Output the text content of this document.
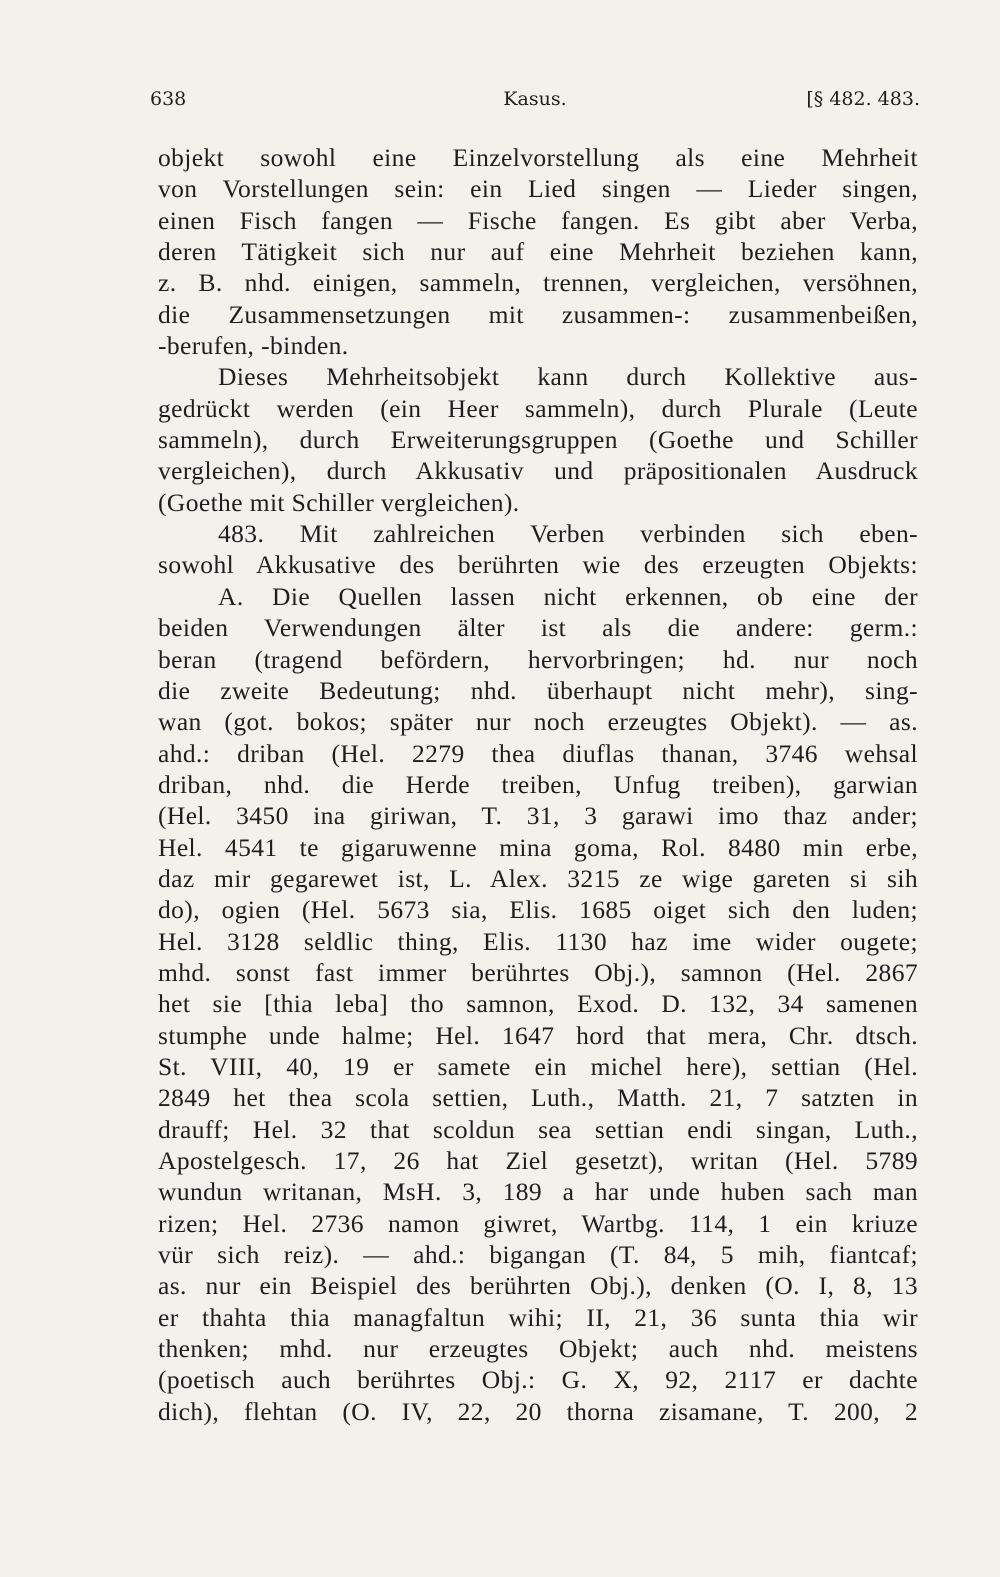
638	Kasus.	[§ 482. 483.
objekt sowohl eine Einzelvorstellung als eine Mehrheit
von Vorstellungen sein: ein Lied singen — Lieder singen,
einen Fisch fangen — Fische fangen. Es gibt aber Verba,
deren Tätigkeit sich nur auf eine Mehrheit beziehen kann,
z. B. nhd. einigen, sammeln, trennen, vergleichen, versöhnen,
die Zusammensetzungen mit zusammen-: zusammenbeißen,
-berufen, -binden.
Dieses Mehrheitsobjekt kann durch Kollektive aus-
gedrückt werden (ein Heer sammeln), durch Plurale (Leute
sammeln), durch Erweiterungsgruppen (Goethe und Schiller
vergleichen), durch Akkusativ und präpositionalen Ausdruck
(Goethe mit Schiller vergleichen).
483. Mit zahlreichen Verben verbinden sich eben-
sowohl Akkusative des berührten wie des erzeugten Objekts:
A. Die Quellen lassen nicht erkennen, ob eine der
beiden Verwendungen älter ist als die andere: germ.:
beran (tragend befördern, hervorbringen; hd. nur noch
die zweite Bedeutung; nhd. überhaupt nicht mehr), sing-
wan (got. bokos; später nur noch erzeugtes Objekt). — as.
ahd.: driban (Hel. 2279 thea diuflas thanan, 3746 wehsal
driban, nhd. die Herde treiben, Unfug treiben), garwian
(Hel. 3450 ina giriwan, T. 31, 3 garawi imo thaz ander;
Hel. 4541 te gigaruwenne mina goma, Rol. 8480 min erbe,
daz mir gegarewet ist, L. Alex. 3215 ze wige gareten si sih
do), ogien (Hel. 5673 sia, Elis. 1685 oiget sich den luden;
Hel. 3128 seldlic thing, Elis. 1130 haz ime wider ougete;
mhd. sonst fast immer berührtes Obj.), samnon (Hel. 2867
het sie [thia leba] tho samnon, Exod. D. 132, 34 samenen
stumphe unde halme; Hel. 1647 hord that mera, Chr. dtsch.
St. VIII, 40, 19 er samete ein michel here), settian (Hel.
2849 het thea scola settien, Luth., Matth. 21, 7 satzten in
drauff; Hel. 32 that scoldun sea settian endi singan, Luth.,
Apostelgesch. 17, 26 hat Ziel gesetzt), writan (Hel. 5789
wundun writanan, MsH. 3, 189 a har unde huben sach man
rizen; Hel. 2736 namon giwret, Wartbg. 114, 1 ein kriuze
vür sich reiz). — ahd.: bigangan (T. 84, 5 mih, fiantcaf;
as. nur ein Beispiel des berührten Obj.), denken (O. I, 8, 13
er thahta thia managfaltun wihi; II, 21, 36 sunta thia wir
thenken; mhd. nur erzeugtes Objekt; auch nhd. meistens
(poetisch auch berührtes Obj.: G. X, 92, 2117 er dachte
dich), flehtan (O. IV, 22, 20 thorna zisamane, T. 200, 2
